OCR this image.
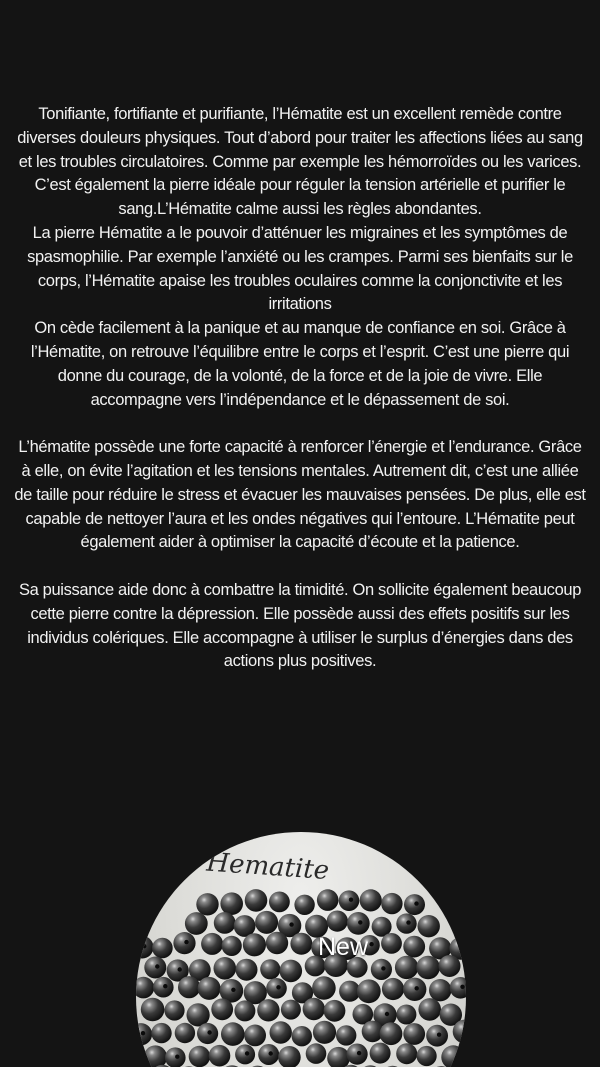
Tonifiante, fortifiante et purifiante, l’Hématite est un excellent remède contre diverses douleurs physiques. Tout d’abord pour traiter les affections liées au sang et les troubles circulatoires. Comme par exemple les hémorroïdes ou les varices. C’est également la pierre idéale pour réguler la tension artérielle et purifier le sang.L’Hématite calme aussi les règles abondantes.

La pierre Hématite a le pouvoir d’atténuer les migraines et les symptômes de spasmophilie. Par exemple l’anxiété ou les crampes. Parmi ses bienfaits sur le corps, l’Hématite apaise les troubles oculaires comme la conjonctivite et les irritations

On cède facilement à la panique et au manque de confiance en soi. Grâce à l’Hématite, on retrouve l’équilibre entre le corps et l’esprit. C’est une pierre qui donne du courage, de la volonté, de la force et de la joie de vivre. Elle accompagne vers l’indépendance et le dépassement de soi.

L’hématite possède une forte capacité à renforcer l’énergie et l’endurance. Grâce à elle, on évite l’agitation et les tensions mentales. Autrement dit, c’est une alliée de taille pour réduire le stress et évacuer les mauvaises pensées. De plus, elle est capable de nettoyer l’aura et les ondes négatives qui l’entoure. L’Hématite peut également aider à optimiser la capacité d’écoute et la patience.

Sa puissance aide donc à combattre la timidité. On sollicite également beaucoup cette pierre contre la dépression. Elle possède aussi des effets positifs sur les individus colériques. Elle accompagne à utiliser le surplus d’énergies dans des actions plus positives.

Hematite
New
